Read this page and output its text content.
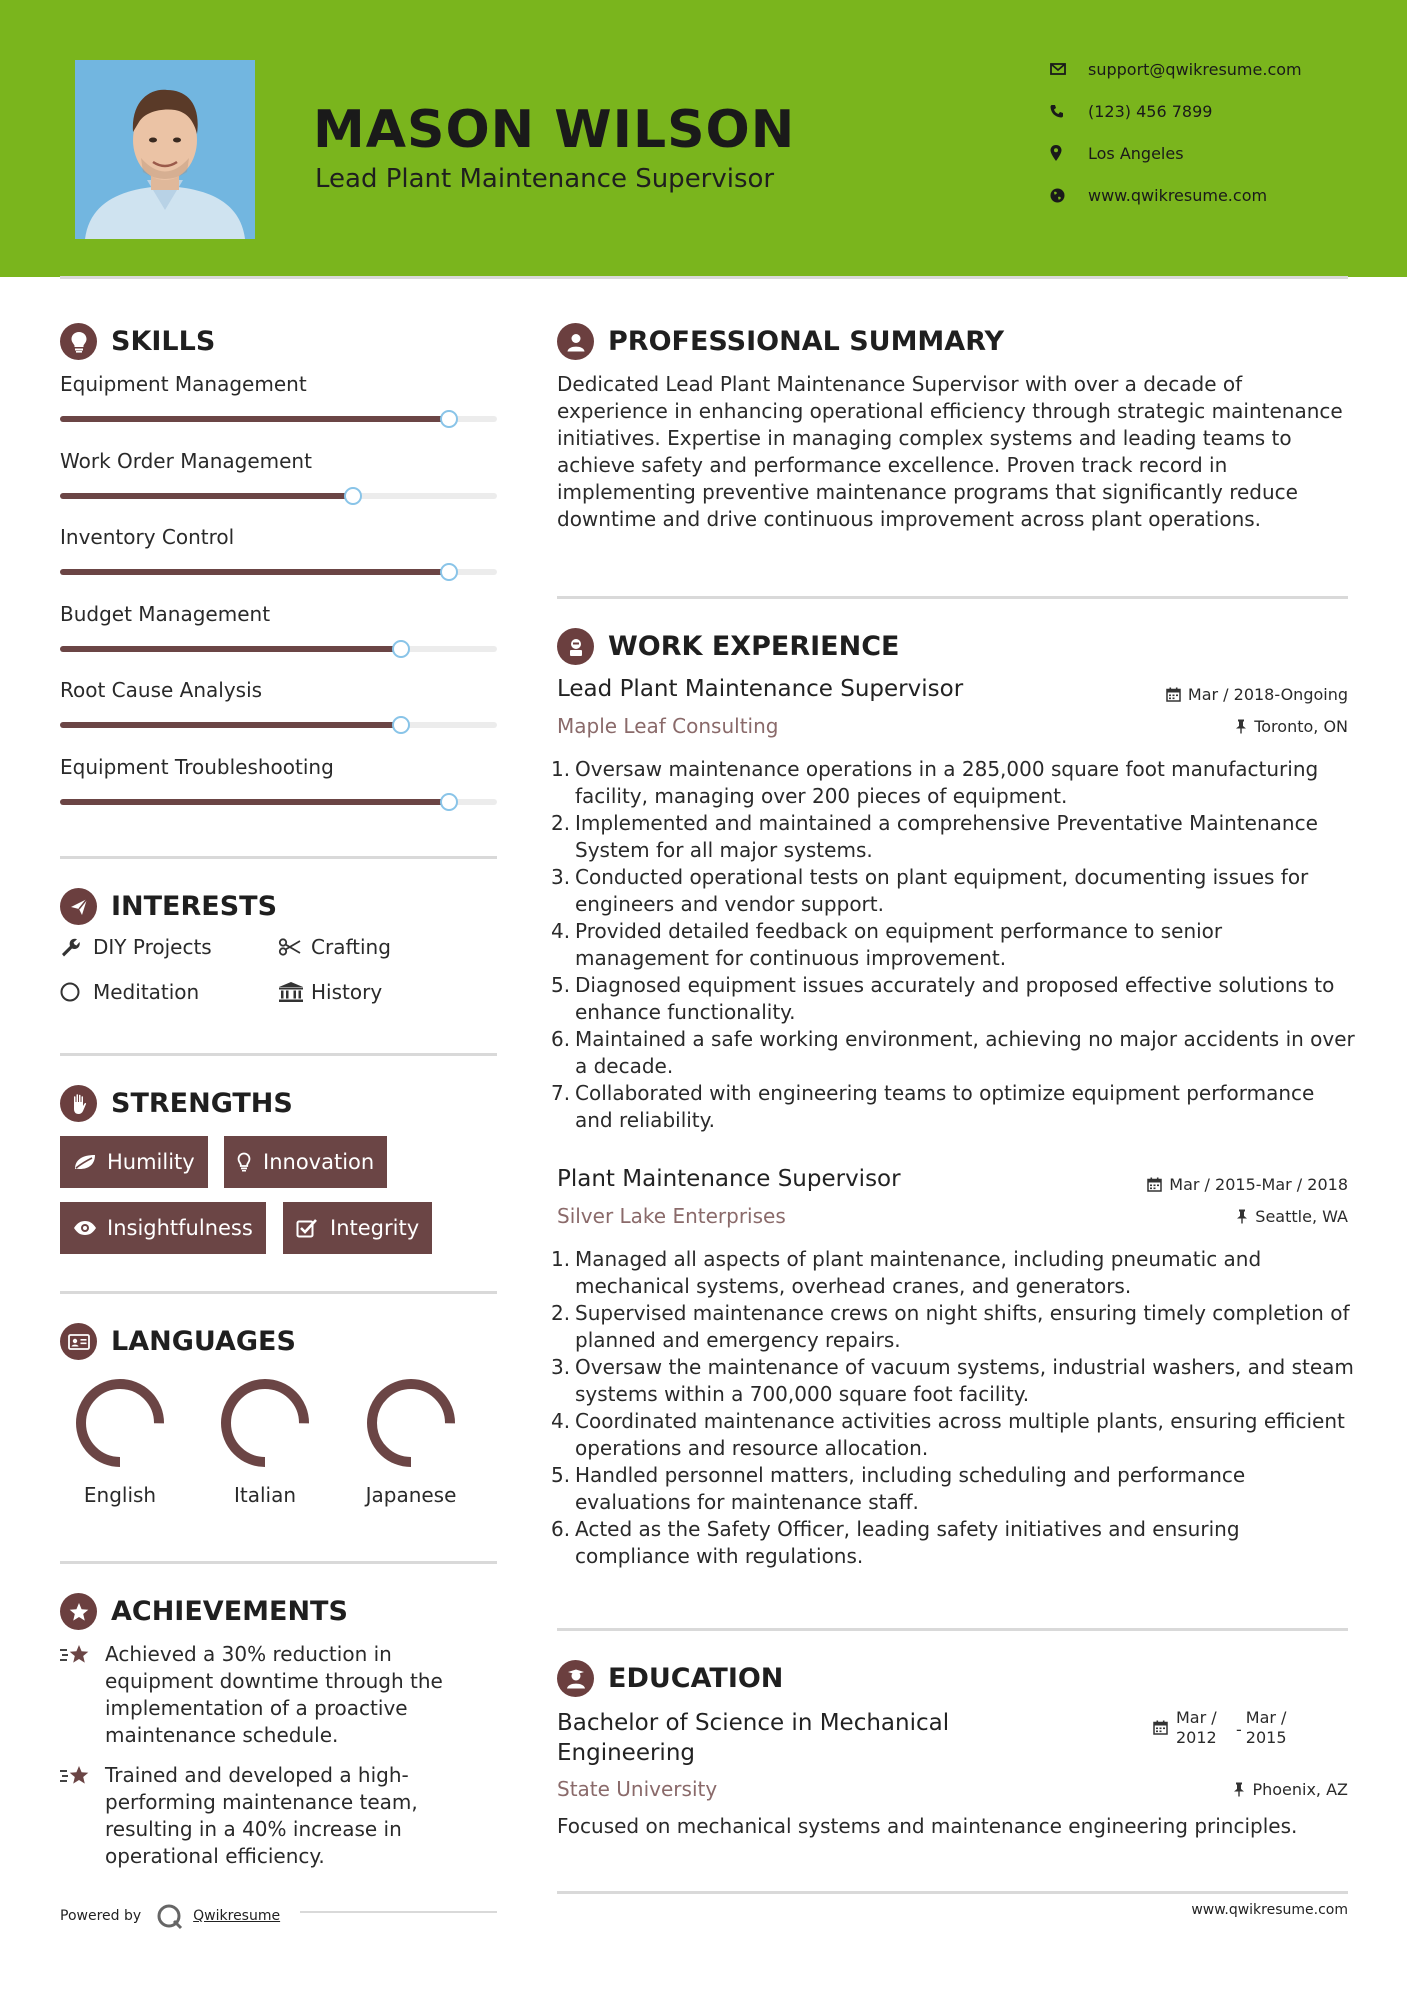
MASON WILSON
Lead Plant Maintenance Supervisor
support@qwikresume.com
(123) 456 7899
Los Angeles
www.qwikresume.com
SKILLS
Equipment Management
Work Order Management
Inventory Control
Budget Management
Root Cause Analysis
Equipment Troubleshooting
INTERESTS
DIY Projects	Crafting
Meditation	History
STRENGTHS
Humility	Innovation
Insightfulness	Integrity
LANGUAGES
English	Italian	Japanese
ACHIEVEMENTS
Achieved a 30% reduction in equipment downtime through the implementation of a proactive maintenance schedule.
Trained and developed a high-performing maintenance team, resulting in a 40% increase in operational efficiency.
Powered by	Qwikresume
PROFESSIONAL SUMMARY
Dedicated Lead Plant Maintenance Supervisor with over a decade of experience in enhancing operational efficiency through strategic maintenance initiatives. Expertise in managing complex systems and leading teams to achieve safety and performance excellence. Proven track record in implementing preventive maintenance programs that significantly reduce downtime and drive continuous improvement across plant operations.
WORK EXPERIENCE
Lead Plant Maintenance Supervisor	Mar / 2018-Ongoing
Maple Leaf Consulting	Toronto, ON
1. Oversaw maintenance operations in a 285,000 square foot manufacturing facility, managing over 200 pieces of equipment.
2. Implemented and maintained a comprehensive Preventative Maintenance System for all major systems.
3. Conducted operational tests on plant equipment, documenting issues for engineers and vendor support.
4. Provided detailed feedback on equipment performance to senior management for continuous improvement.
5. Diagnosed equipment issues accurately and proposed effective solutions to enhance functionality.
6. Maintained a safe working environment, achieving no major accidents in over a decade.
7. Collaborated with engineering teams to optimize equipment performance and reliability.
Plant Maintenance Supervisor	Mar / 2015-Mar / 2018
Silver Lake Enterprises	Seattle, WA
1. Managed all aspects of plant maintenance, including pneumatic and mechanical systems, overhead cranes, and generators.
2. Supervised maintenance crews on night shifts, ensuring timely completion of planned and emergency repairs.
3. Oversaw the maintenance of vacuum systems, industrial washers, and steam systems within a 700,000 square foot facility.
4. Coordinated maintenance activities across multiple plants, ensuring efficient operations and resource allocation.
5. Handled personnel matters, including scheduling and performance evaluations for maintenance staff.
6. Acted as the Safety Officer, leading safety initiatives and ensuring compliance with regulations.
EDUCATION
Bachelor of Science in Mechanical Engineering
Mar / 2012	-
Mar / 2015
State University	Phoenix, AZ
Focused on mechanical systems and maintenance engineering principles.
www.qwikresume.com
